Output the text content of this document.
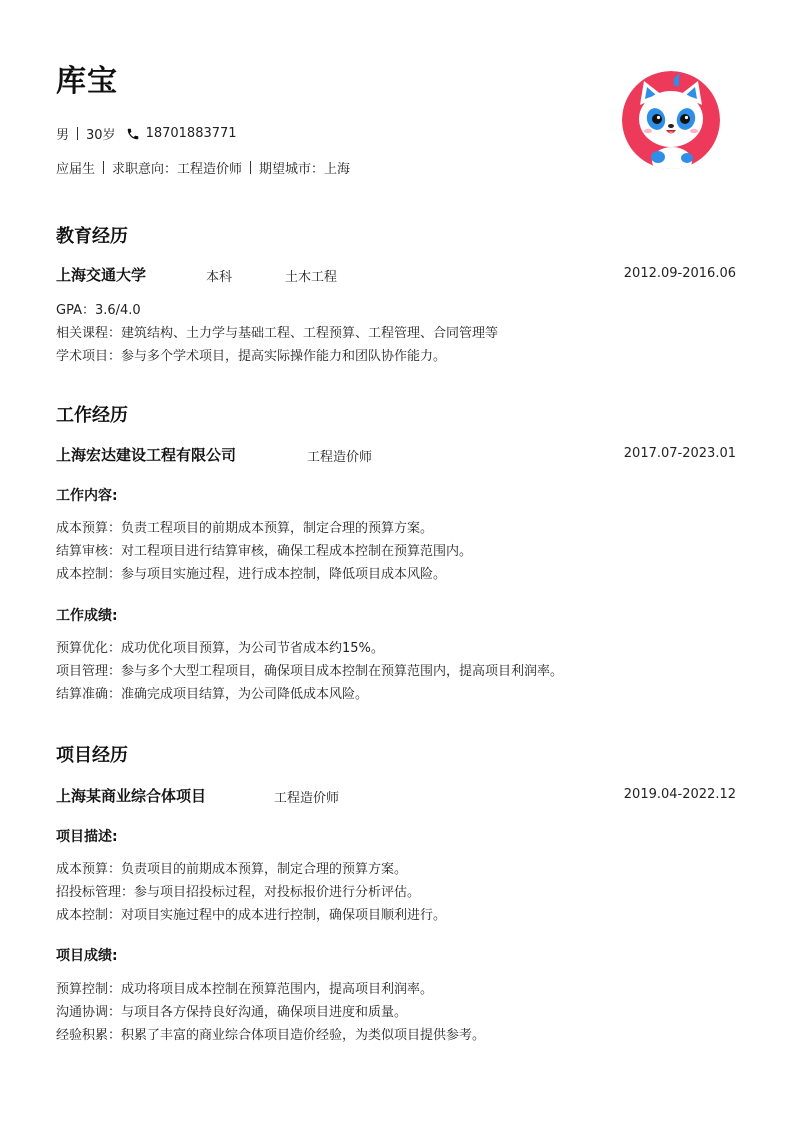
库宝
男 30岁 18701883771
应届生 求职意向：工程造价师 期望城市：上海
教育经历
上海交通大学	本科	土木工程	2012.09-2016.06
GPA：3.6/4.0
相关课程：建筑结构、土力学与基础工程、工程预算、工程管理、合同管理等
学术项目：参与多个学术项目，提高实际操作能力和团队协作能力。
工作经历
上海宏达建设工程有限公司	工程造价师	2017.07-2023.01
工作内容:
成本预算：负责工程项目的前期成本预算，制定合理的预算方案。
结算审核：对工程项目进行结算审核，确保工程成本控制在预算范围内。
成本控制：参与项目实施过程，进行成本控制，降低项目成本风险。
工作成绩:
预算优化：成功优化项目预算，为公司节省成本约15%。
项目管理：参与多个大型工程项目，确保项目成本控制在预算范围内，提高项目利润率。
结算准确：准确完成项目结算，为公司降低成本风险。
项目经历
上海某商业综合体项目	工程造价师	2019.04-2022.12
项目描述:
成本预算：负责项目的前期成本预算，制定合理的预算方案。
招投标管理：参与项目招投标过程，对投标报价进行分析评估。
成本控制：对项目实施过程中的成本进行控制，确保项目顺利进行。
项目成绩:
预算控制：成功将项目成本控制在预算范围内，提高项目利润率。
沟通协调：与项目各方保持良好沟通，确保项目进度和质量。
经验积累：积累了丰富的商业综合体项目造价经验，为类似项目提供参考。
